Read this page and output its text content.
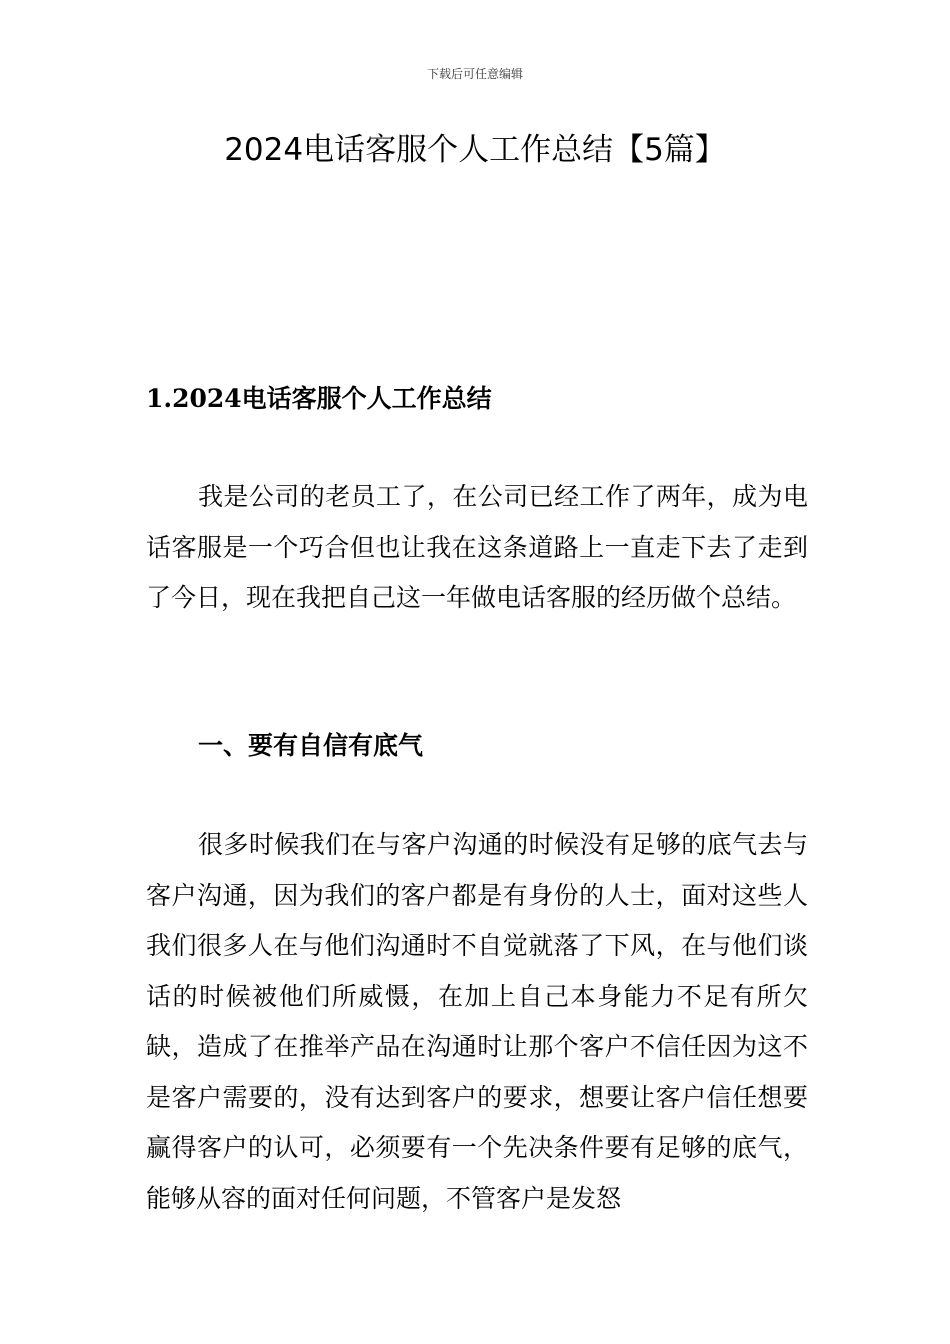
下载后可任意编辑
2024电话客服个人工作总结【5篇】
1.2024电话客服个人工作总结

我是公司的老员工了，在公司已经工作了两年，成为电话客服是一个巧合但也让我在这条道路上一直走下去了走到了今日，现在我把自己这一年做电话客服的经历做个总结。

一、要有自信有底气

很多时候我们在与客户沟通的时候没有足够的底气去与客户沟通，因为我们的客户都是有身份的人士，面对这些人我们很多人在与他们沟通时不自觉就落了下风，在与他们谈话的时候被他们所威慑，在加上自己本身能力不足有所欠缺，造成了在推举产品在沟通时让那个客户不信任因为这不是客户需要的，没有达到客户的要求，想要让客户信任想要赢得客户的认可，必须要有一个先决条件要有足够的底气，能够从容的面对任何问题，不管客户是发怒
